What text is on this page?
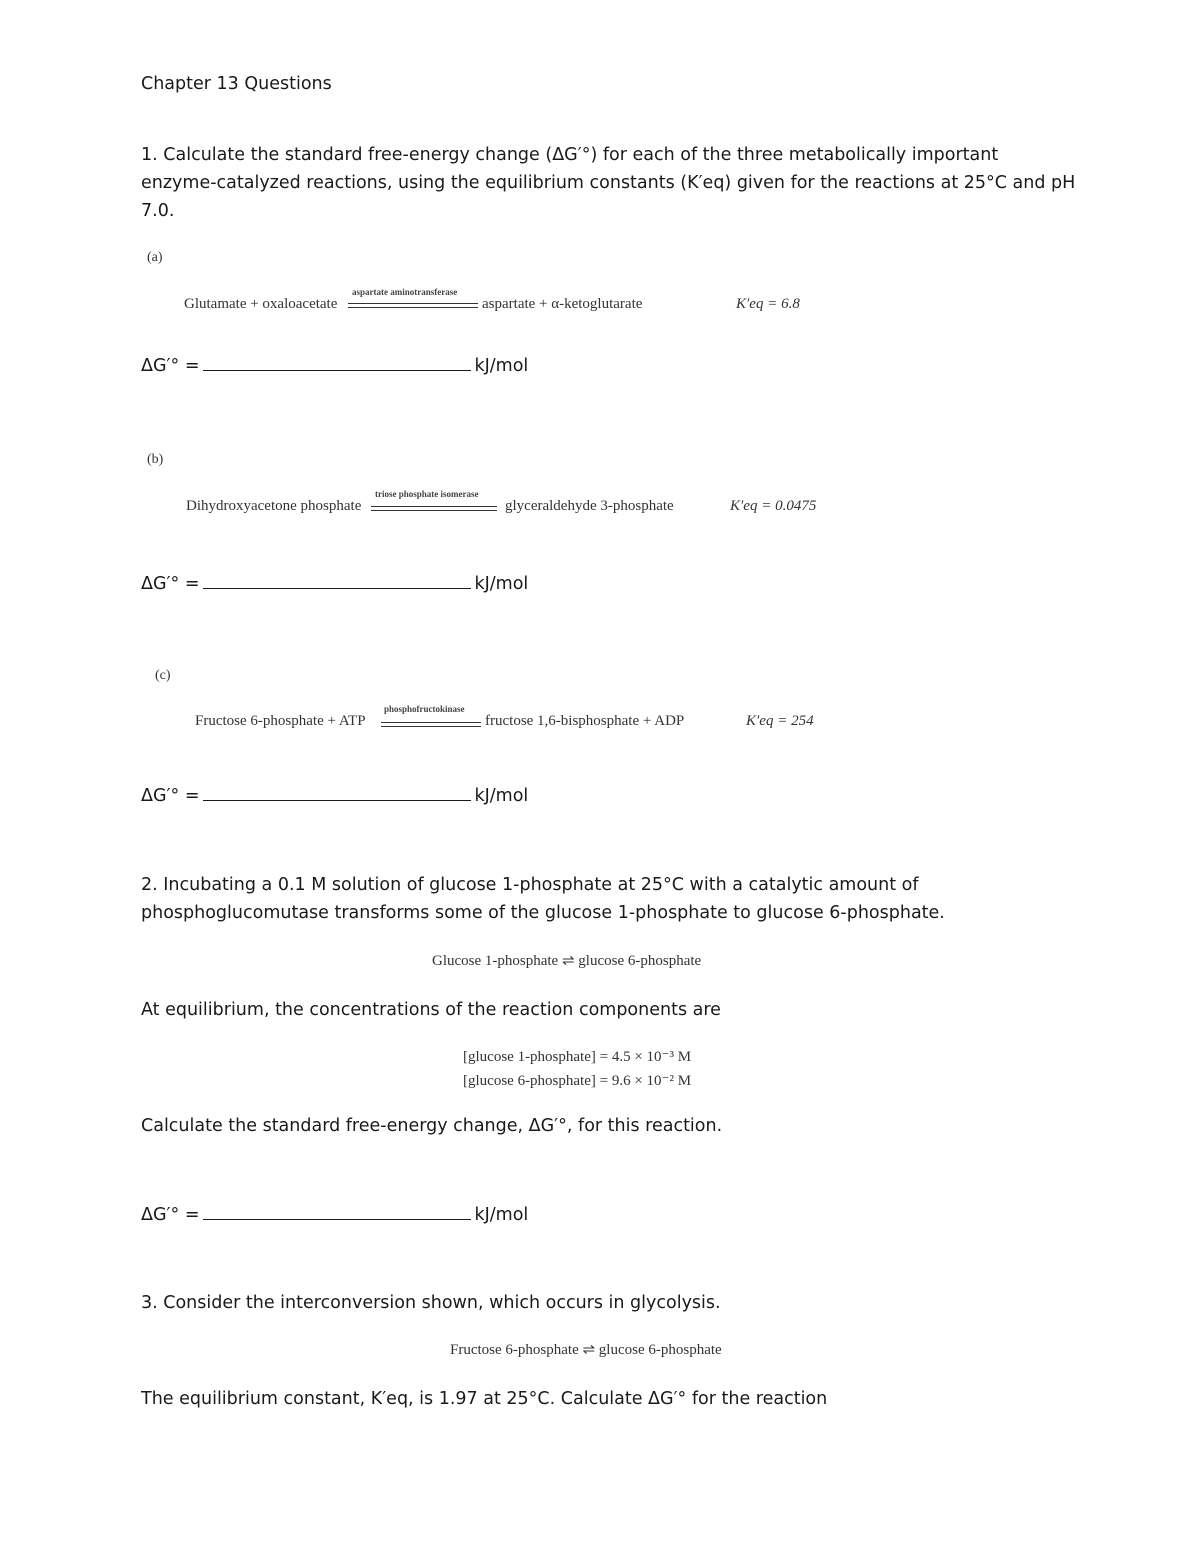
Chapter 13 Questions
1. Calculate the standard free-energy change (ΔG′°) for each of the three metabolically important
enzyme-catalyzed reactions, using the equilibrium constants (K′eq) given for the reactions at 25°C and pH
7.0.
(a)
aspartate aminotransferase
Glutamate + oxaloacetate	aspartate + α-ketoglutarate	K′eq = 6.8
ΔG′° =	kJ/mol
(b)
triose phosphate isomerase
Dihydroxyacetone phosphate	glyceraldehyde 3-phosphate	K′eq = 0.0475
ΔG′° =	kJ/mol
(c)
phosphofructokinase
Fructose 6-phosphate + ATP	fructose 1,6-bisphosphate + ADP	K′eq = 254
ΔG′° =	kJ/mol
2. Incubating a 0.1 M solution of glucose 1-phosphate at 25°C with a catalytic amount of
phosphoglucomutase transforms some of the glucose 1-phosphate to glucose 6-phosphate.
Glucose 1-phosphate ⇌ glucose 6-phosphate
At equilibrium, the concentrations of the reaction components are
[glucose 1-phosphate] = 4.5 × 10⁻³ M
[glucose 6-phosphate] = 9.6 × 10⁻² M
Calculate the standard free-energy change, ΔG′°, for this reaction.
ΔG′° =	kJ/mol
3. Consider the interconversion shown, which occurs in glycolysis.
Fructose 6-phosphate ⇌ glucose 6-phosphate
The equilibrium constant, K′eq, is 1.97 at 25°C. Calculate ΔG′° for the reaction
